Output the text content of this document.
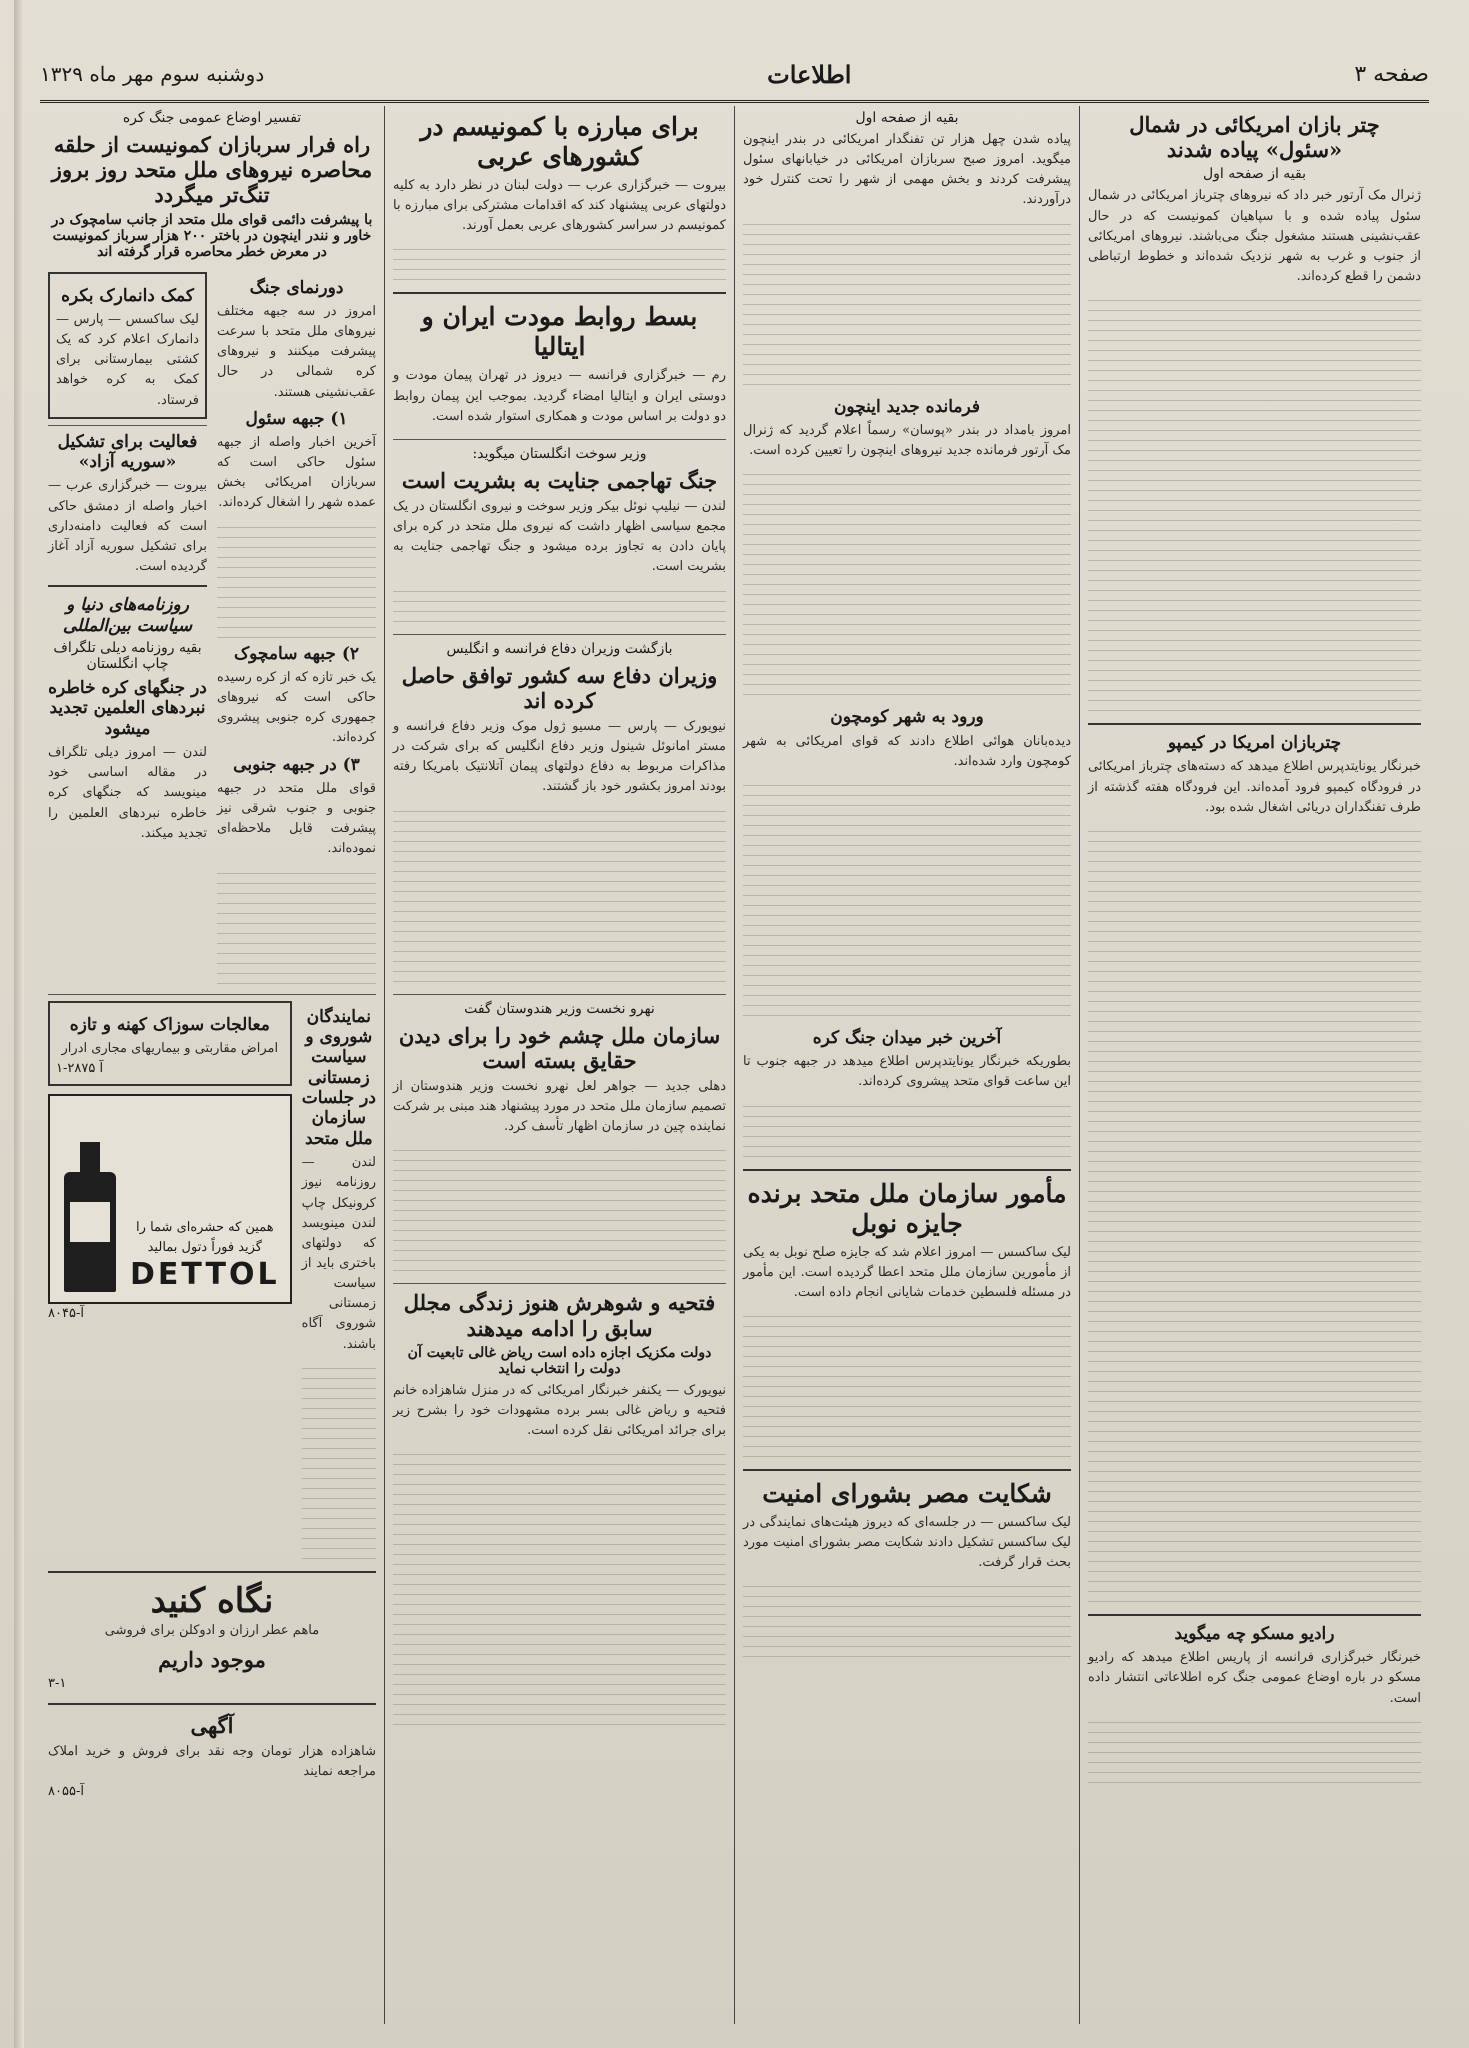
صفحه ۳
اطلاعات
دوشنبه سوم مهر ماه ۱۳۲۹
چتر بازان امریکائی در شمال «سئول» پیاده شدند
بقیه از صفحه اول

ژنرال مک آرتور خبر داد که نیروهای چترباز امریکائی در شمال سئول پیاده شده و با سپاهیان کمونیست که در حال عقب‌نشینی هستند مشغول جنگ می‌باشند. نیروهای امریکائی از جنوب و غرب به شهر نزدیک شده‌اند و خطوط ارتباطی دشمن را قطع کرده‌اند.

چتربازان امریکا در کیمپو

خبرنگار یونایتدپرس اطلاع میدهد که دسته‌های چترباز امریکائی در فرودگاه کیمپو فرود آمده‌اند. این فرودگاه هفته گذشته از طرف تفنگداران دریائی اشغال شده بود.

رادیو مسکو چه میگوید

خبرنگار خبرگزاری فرانسه از پاریس اطلاع میدهد که رادیو مسکو در باره اوضاع عمومی جنگ کره اطلاعاتی انتشار داده است.

بقیه از صفحه اول

پیاده شدن چهل هزار تن تفنگدار امریکائی در بندر اینچون میگوید. امروز صبح سربازان امریکائی در خیابانهای سئول پیشرفت کردند و بخش مهمی از شهر را تحت کنترل خود درآوردند.

فرمانده جدید اینچون

امروز بامداد در بندر «پوسان» رسماً اعلام گردید که ژنرال مک آرتور فرمانده جدید نیروهای اینچون را تعیین کرده است.

ورود به شهر کومچون

دیده‌بانان هوائی اطلاع دادند که قوای امریکائی به شهر کومچون وارد شده‌اند.

آخرین خبر میدان جنگ کره

بطوریکه خبرنگار یونایتدپرس اطلاع میدهد در جبهه جنوب تا این ساعت قوای متحد پیشروی کرده‌اند.

مأمور سازمان ملل متحد برنده جایزه نوبل

لیک ساکسس — امروز اعلام شد که جایزه صلح نوبل به یکی از مأمورین سازمان ملل متحد اعطا گردیده است. این مأمور در مسئله فلسطین خدمات شایانی انجام داده است.

شکایت مصر بشورای امنیت

لیک ساکسس — در جلسه‌ای که دیروز هیئت‌های نمایندگی در لیک ساکسس تشکیل دادند شکایت مصر بشورای امنیت مورد بحث قرار گرفت.

برای مبارزه با کمونیسم در کشورهای عربی

بیروت — خبرگزاری عرب — دولت لبنان در نظر دارد به کلیه دولتهای عربی پیشنهاد کند که اقدامات مشترکی برای مبارزه با کمونیسم در سراسر کشورهای عربی بعمل آورند.

بسط روابط مودت ایران و ایتالیا

رم — خبرگزاری فرانسه — دیروز در تهران پیمان مودت و دوستی ایران و ایتالیا امضاء گردید. بموجب این پیمان روابط دو دولت بر اساس مودت و همکاری استوار شده است.

وزیر سوخت انگلستان میگوید:
جنگ تهاجمی جنایت به بشریت است

لندن — نیلیپ نوئل بیکر وزیر سوخت و نیروی انگلستان در یک مجمع سیاسی اظهار داشت که نیروی ملل متحد در کره برای پایان دادن به تجاوز برده میشود و جنگ تهاجمی جنایت به بشریت است.

بازگشت وزیران دفاع فرانسه و انگلیس
وزیران دفاع سه کشور توافق حاصل کرده اند

نیویورک — پارس — مسیو ژول موک وزیر دفاع فرانسه و مستر امانوئل شینول وزیر دفاع انگلیس که برای شرکت در مذاکرات مربوط به دفاع دولتهای پیمان آتلانتیک بامریکا رفته بودند امروز بکشور خود باز گشتند.

نهرو نخست وزیر هندوستان گفت
سازمان ملل چشم خود را برای دیدن حقایق بسته است

دهلی جدید — جواهر لعل نهرو نخست وزیر هندوستان از تصمیم سازمان ملل متحد در مورد پیشنهاد هند مبنی بر شرکت نماینده چین در سازمان اظهار تأسف کرد.

فتحیه و شوهرش هنوز زندگی مجلل سابق را ادامه میدهند
دولت مکزیک اجازه داده است ریاض غالی تابعیت آن دولت را انتخاب نماید

نیویورک — یکنفر خبرنگار امریکائی که در منزل شاهزاده خانم فتحیه و ریاض غالی بسر برده مشهودات خود را بشرح زیر برای جرائد امریکائی نقل کرده است.

تفسیر اوضاع عمومی جنگ کره
راه فرار سربازان کمونیست از حلقه محاصره نیروهای ملل متحد روز بروز تنگ‌تر میگردد
با پیشرفت دائمی قوای ملل متحد از جانب سامچوک در خاور و نندر اینچون در باختر ۲۰۰ هزار سرباز کمونیست در معرض خطر محاصره قرار گرفته اند
دورنمای جنگ

امروز در سه جبهه مختلف نیروهای ملل متحد با سرعت پیشرفت میکنند و نیروهای کره شمالی در حال عقب‌نشینی هستند.

۱) جبهه سئول

آخرین اخبار واصله از جبهه سئول حاکی است که سربازان امریکائی بخش عمده شهر را اشغال کرده‌اند.

۲) جبهه سامچوک

یک خبر تازه که از کره رسیده حاکی است که نیروهای جمهوری کره جنوبی پیشروی کرده‌اند.

۳) در جبهه جنوبی

قوای ملل متحد در جبهه جنوبی و جنوب شرقی نیز پیشرفت قابل ملاحظه‌ای نموده‌اند.

کمک دانمارک بکره

لیک ساکسس — پارس — دانمارک اعلام کرد که یک کشتی بیمارستانی برای کمک به کره خواهد فرستاد.

فعالیت برای تشکیل «سوریه آزاد»

بیروت — خبرگزاری عرب — اخبار واصله از دمشق حاکی است که فعالیت دامنه‌داری برای تشکیل سوریه آزاد آغاز گردیده است.

روزنامه‌های دنیا و سیاست بین‌المللی
بقیه روزنامه دیلی تلگراف چاپ انگلستان
در جنگهای کره خاطره نبردهای العلمین تجدید میشود

لندن — امروز دیلی تلگراف در مقاله اساسی خود مینویسد که جنگهای کره خاطره نبردهای العلمین را تجدید میکند.

نمایندگان شوروی و سیاست زمستانی در جلسات سازمان ملل متحد

لندن — روزنامه نیوز کرونیکل چاپ لندن مینویسد که دولتهای باختری باید از سیاست زمستانی شوروی آگاه باشند.

معالجات سوزاک کهنه و تازه

امراض مقاربتی و بیماریهای مجاری ادرار

۱-۲۸۷۵ آ
همین که حشره‌ای شما را گزید فوراً دتول بمالید
DETTOL
آ-۸۰۴۵
نگاه کنید

ماهم عطر ارزان و ادوکلن برای فروشی

موجود داریم
۳-۱
آگهی

شاهزاده هزار تومان وجه نقد برای فروش و خرید املاک مراجعه نمایند

آ-۸۰۵۵
